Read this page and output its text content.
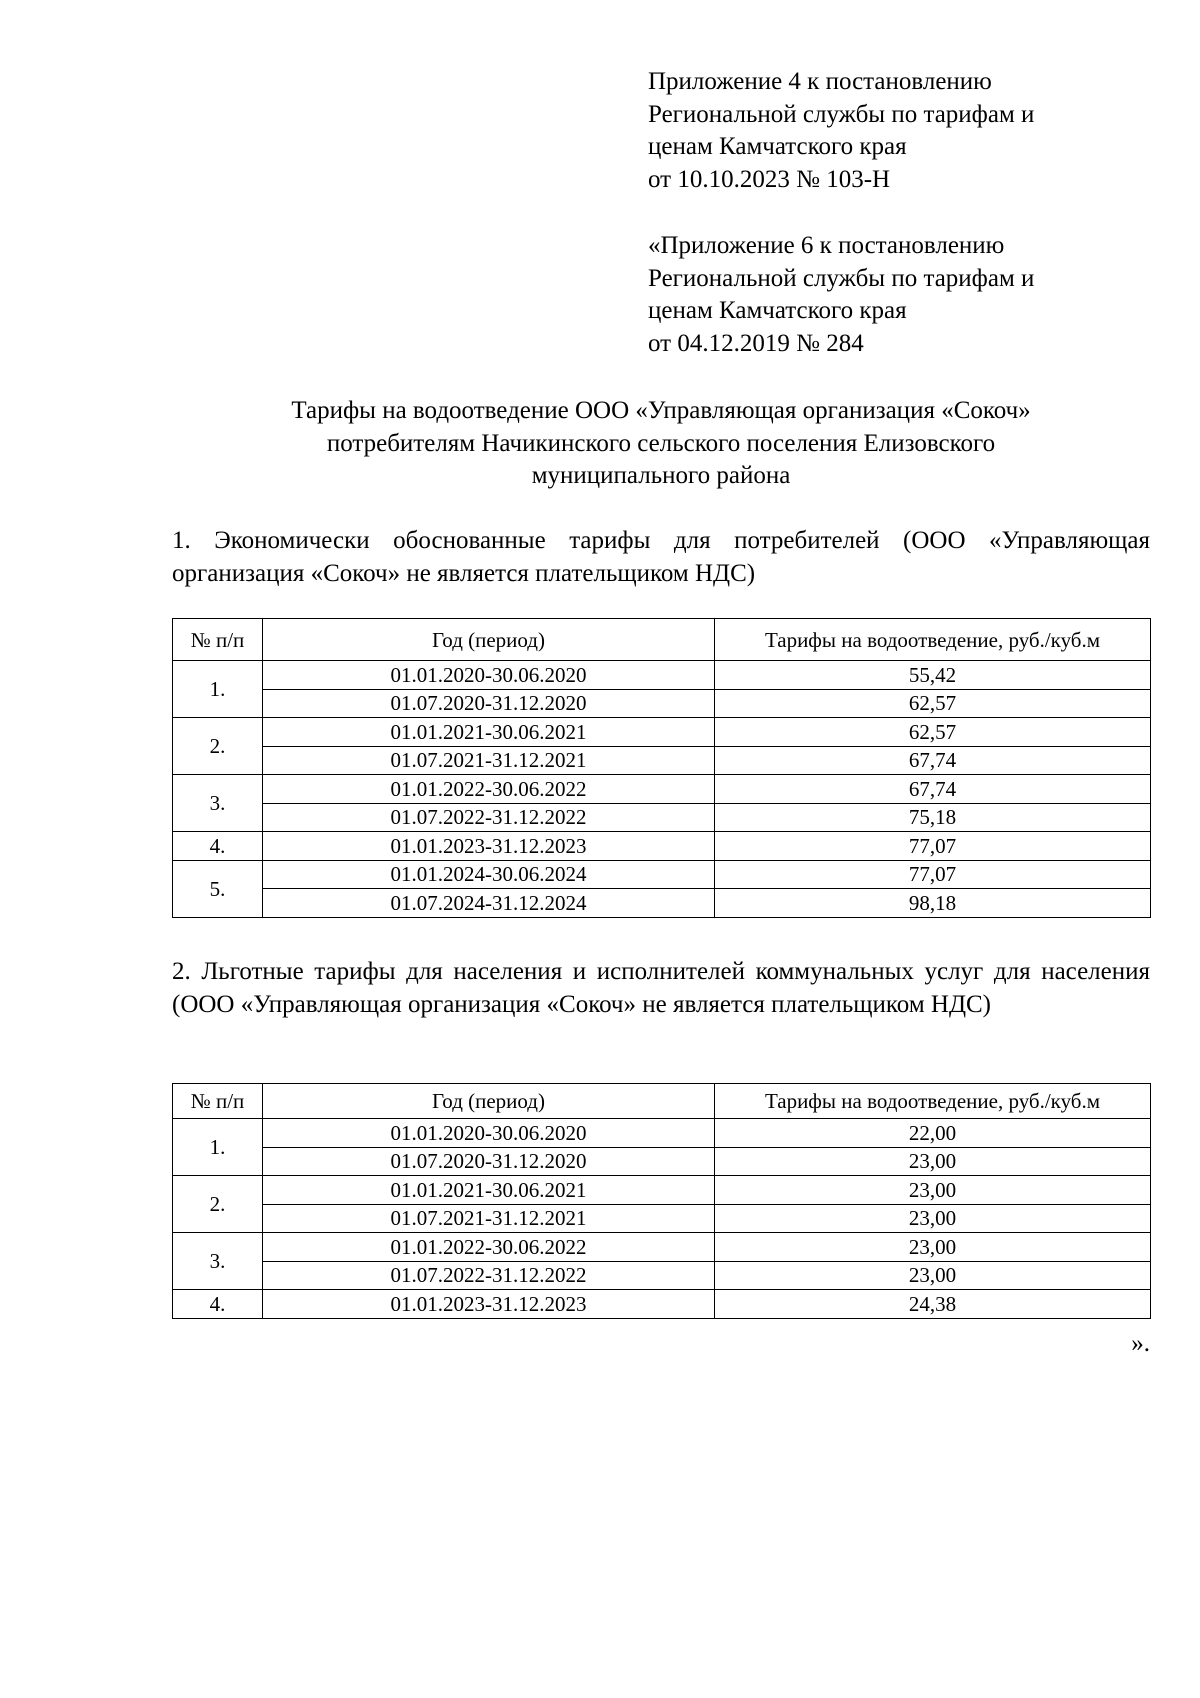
Приложение 4 к постановлению
Региональной службы по тарифам и
ценам Камчатского края
от 10.10.2023 № 103-Н
«Приложение 6 к постановлению
Региональной службы по тарифам и
ценам Камчатского края
от 04.12.2019 № 284
Тарифы на водоотведение ООО «Управляющая организация «Сокоч»
потребителям Начикинского сельского поселения Елизовского
муниципального района
1. Экономически обоснованные тарифы для потребителей (ООО «Управляющая организация «Сокоч» не является плательщиком НДС)
№ п/п	Год (период)	Тарифы на водоотведение, руб./куб.м
1.	01.01.2020-30.06.2020	55,42
	01.07.2020-31.12.2020	62,57
2.	01.01.2021-30.06.2021	62,57
	01.07.2021-31.12.2021	67,74
3.	01.01.2022-30.06.2022	67,74
	01.07.2022-31.12.2022	75,18
4.	01.01.2023-31.12.2023	77,07
5.	01.01.2024-30.06.2024	77,07
	01.07.2024-31.12.2024	98,18
2. Льготные тарифы для населения и исполнителей коммунальных услуг для населения (ООО «Управляющая организация «Сокоч» не является плательщиком НДС)
№ п/п	Год (период)	Тарифы на водоотведение, руб./куб.м
1.	01.01.2020-30.06.2020	22,00
	01.07.2020-31.12.2020	23,00
2.	01.01.2021-30.06.2021	23,00
	01.07.2021-31.12.2021	23,00
3.	01.01.2022-30.06.2022	23,00
	01.07.2022-31.12.2022	23,00
4.	01.01.2023-31.12.2023	24,38
».
